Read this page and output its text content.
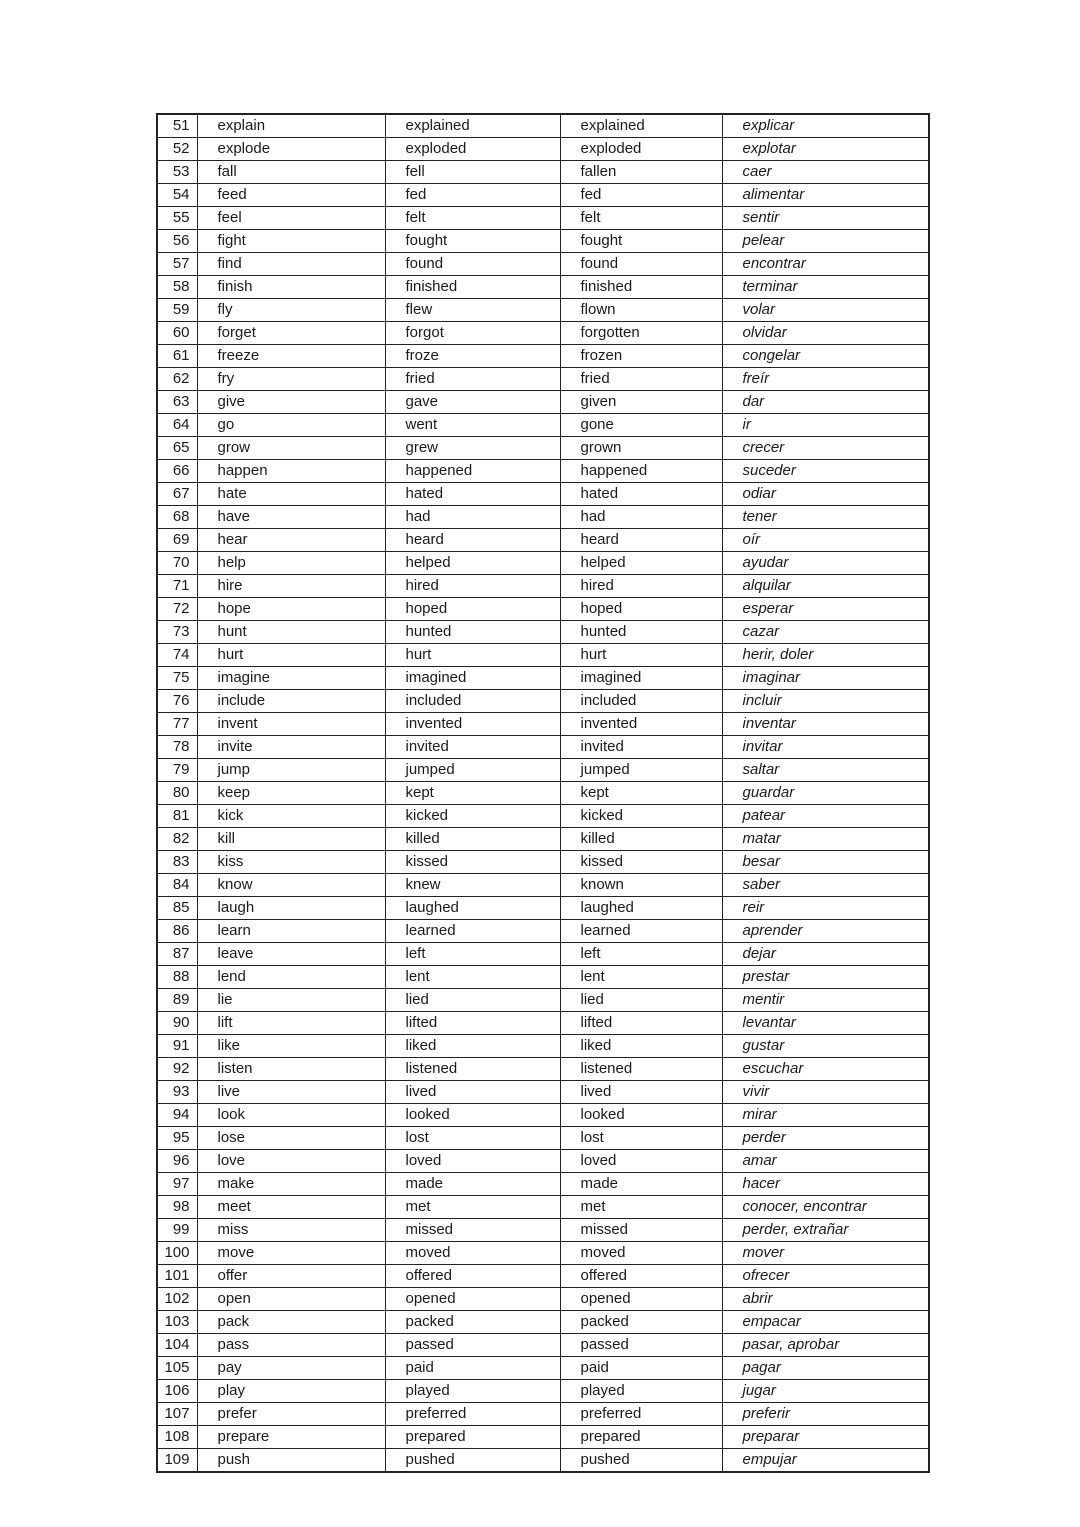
51	explain	explained	explained	explicar
52	explode	exploded	exploded	explotar
53	fall	fell	fallen	caer
54	feed	fed	fed	alimentar
55	feel	felt	felt	sentir
56	fight	fought	fought	pelear
57	find	found	found	encontrar
58	finish	finished	finished	terminar
59	fly	flew	flown	volar
60	forget	forgot	forgotten	olvidar
61	freeze	froze	frozen	congelar
62	fry	fried	fried	freír
63	give	gave	given	dar
64	go	went	gone	ir
65	grow	grew	grown	crecer
66	happen	happened	happened	suceder
67	hate	hated	hated	odiar
68	have	had	had	tener
69	hear	heard	heard	oír
70	help	helped	helped	ayudar
71	hire	hired	hired	alquilar
72	hope	hoped	hoped	esperar
73	hunt	hunted	hunted	cazar
74	hurt	hurt	hurt	herir, doler
75	imagine	imagined	imagined	imaginar
76	include	included	included	incluir
77	invent	invented	invented	inventar
78	invite	invited	invited	invitar
79	jump	jumped	jumped	saltar
80	keep	kept	kept	guardar
81	kick	kicked	kicked	patear
82	kill	killed	killed	matar
83	kiss	kissed	kissed	besar
84	know	knew	known	saber
85	laugh	laughed	laughed	reir
86	learn	learned	learned	aprender
87	leave	left	left	dejar
88	lend	lent	lent	prestar
89	lie	lied	lied	mentir
90	lift	lifted	lifted	levantar
91	like	liked	liked	gustar
92	listen	listened	listened	escuchar
93	live	lived	lived	vivir
94	look	looked	looked	mirar
95	lose	lost	lost	perder
96	love	loved	loved	amar
97	make	made	made	hacer
98	meet	met	met	conocer, encontrar
99	miss	missed	missed	perder, extrañar
100	move	moved	moved	mover
101	offer	offered	offered	ofrecer
102	open	opened	opened	abrir
103	pack	packed	packed	empacar
104	pass	passed	passed	pasar, aprobar
105	pay	paid	paid	pagar
106	play	played	played	jugar
107	prefer	preferred	preferred	preferir
108	prepare	prepared	prepared	preparar
109	push	pushed	pushed	empujar
